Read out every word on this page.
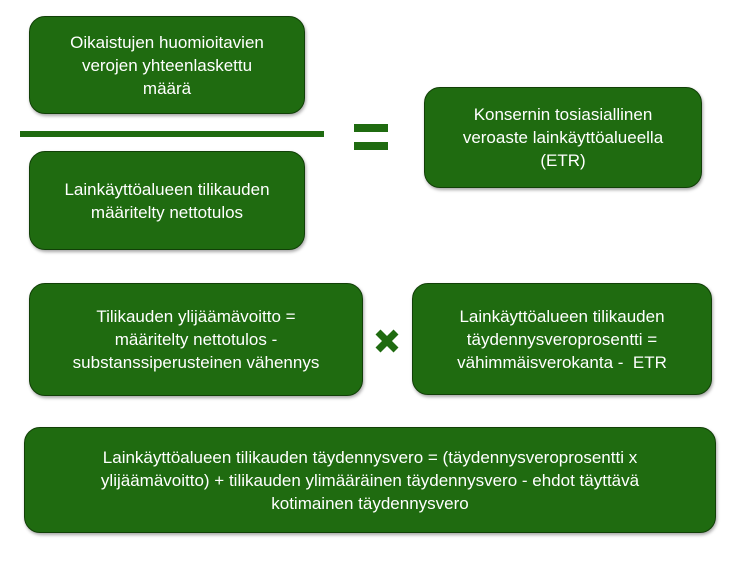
Oikaistujen huomioitavien
verojen yhteenlaskettu
määrä
Lainkäyttöalueen tilikauden
määritelty nettotulos
Konsernin tosiasiallinen
veroaste lainkäyttöalueella
(ETR)
Tilikauden ylijäämävoitto =
määritelty nettotulos -
substanssiperusteinen vähennys
Lainkäyttöalueen tilikauden
täydennysveroprosentti =
vähimmäisverokanta -  ETR
Lainkäyttöalueen tilikauden täydennysvero = (täydennysveroprosentti x
ylijäämävoitto) + tilikauden ylimääräinen täydennysvero - ehdot täyttävä
kotimainen täydennysvero
